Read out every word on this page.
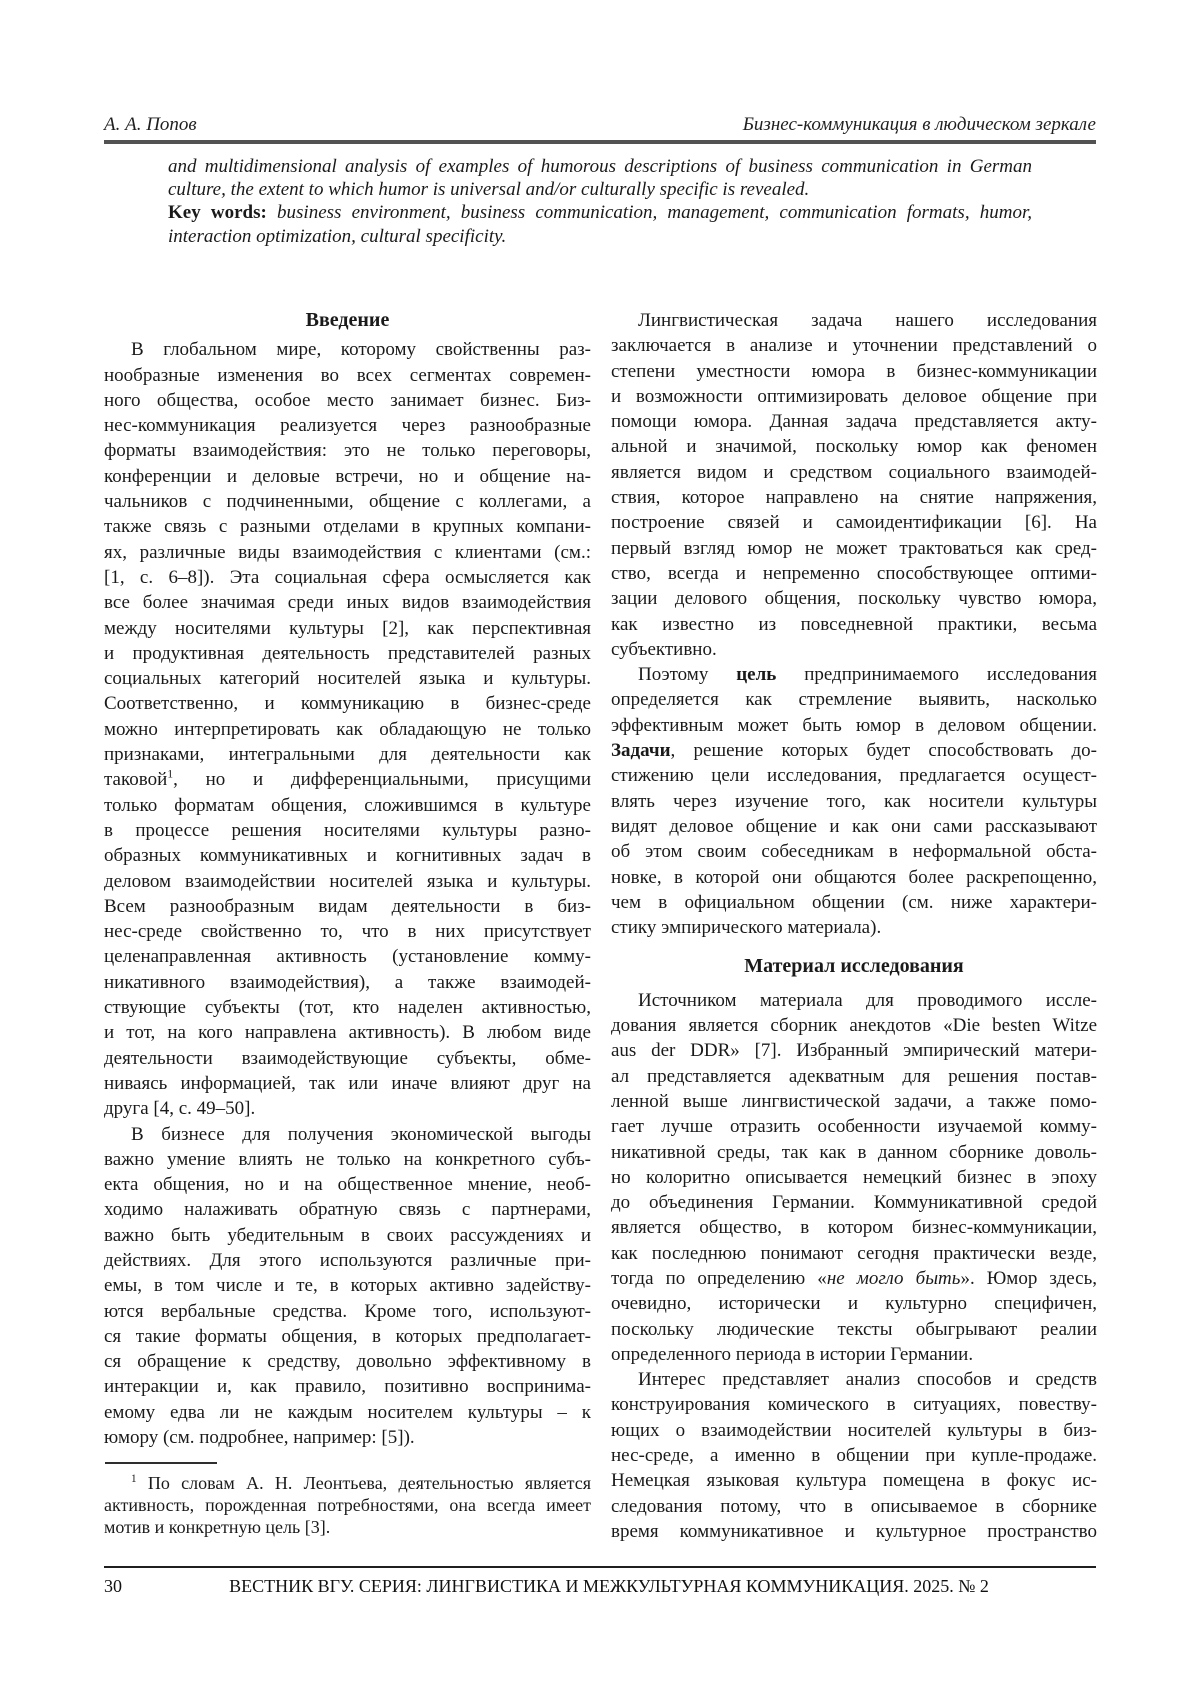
А. А. Попов	Бизнес-коммуникация в людическом зеркале
and multidimensional analysis of examples of humorous descriptions of business communication in German
culture, the extent to which humor is universal and/or culturally specific is revealed.
Key words: business environment, business communication, management, communication formats, humor,
interaction optimization, cultural specificity.
Введение
В глобальном мире, которому свойственны раз-
нообразные изменения во всех сегментах современ-
ного общества, особое место занимает бизнес. Биз-
нес-коммуникация реализуется через разнообразные
форматы взаимодействия: это не только переговоры,
конференции и деловые встречи, но и общение на-
чальников с подчиненными, общение с коллегами, а
также связь с разными отделами в крупных компани-
ях, различные виды взаимодействия с клиентами (см.:
[1, с. 6–8]). Эта социальная сфера осмысляется как
все более значимая среди иных видов взаимодействия
между носителями культуры [2], как перспективная
и продуктивная деятельность представителей разных
социальных категорий носителей языка и культуры.
Соответственно, и коммуникацию в бизнес-среде
можно интерпретировать как обладающую не только
признаками, интегральными для деятельности как
таковой$^1$, но и дифференциальными, присущими
только форматам общения, сложившимся в культуре
в процессе решения носителями культуры разно-
образных коммуникативных и когнитивных задач в
деловом взаимодействии носителей языка и культуры.
Всем разнообразным видам деятельности в биз-
нес-среде свойственно то, что в них присутствует
целенаправленная активность (установление комму-
никативного взаимодействия), а также взаимодей-
ствующие субъекты (тот, кто наделен активностью,
и тот, на кого направлена активность). В любом виде
деятельности взаимодействующие субъекты, обме-
ниваясь информацией, так или иначе влияют друг на
друга [4, с. 49–50].
В бизнесе для получения экономической выгоды
важно умение влиять не только на конкретного субъ-
екта общения, но и на общественное мнение, необ-
ходимо налаживать обратную связь с партнерами,
важно быть убедительным в своих рассуждениях и
действиях. Для этого используются различные при-
емы, в том числе и те, в которых активно задейству-
ются вербальные средства. Кроме того, используют-
ся такие форматы общения, в которых предполагает-
ся обращение к средству, довольно эффективному в
интеракции и, как правило, позитивно воспринима-
емому едва ли не каждым носителем культуры – к
юмору (см. подробнее, например: [5]).
$^1$ По словам А. Н. Леонтьева, деятельностью является
активность, порожденная потребностями, она всегда имеет
мотив и конкретную цель [3].
Лингвистическая задача нашего исследования
заключается в анализе и уточнении представлений о
степени уместности юмора в бизнес-коммуникации
и возможности оптимизировать деловое общение при
помощи юмора. Данная задача представляется акту-
альной и значимой, поскольку юмор как феномен
является видом и средством социального взаимодей-
ствия, которое направлено на снятие напряжения,
построение связей и самоидентификации [6]. На
первый взгляд юмор не может трактоваться как сред-
ство, всегда и непременно способствующее оптими-
зации делового общения, поскольку чувство юмора,
как известно из повседневной практики, весьма
субъективно.
Поэтому цель предпринимаемого исследования
определяется как стремление выявить, насколько
эффективным может быть юмор в деловом общении.
Задачи, решение которых будет способствовать до-
стижению цели исследования, предлагается осущест-
влять через изучение того, как носители культуры
видят деловое общение и как они сами рассказывают
об этом своим собеседникам в неформальной обста-
новке, в которой они общаются более раскрепощенно,
чем в официальном общении (см. ниже характери-
стику эмпирического материала).
Материал исследования
Источником материала для проводимого иссле-
дования является сборник анекдотов «Die besten Witze
aus der DDR» [7]. Избранный эмпирический матери-
ал представляется адекватным для решения постав-
ленной выше лингвистической задачи, а также помо-
гает лучше отразить особенности изучаемой комму-
никативной среды, так как в данном сборнике доволь-
но колоритно описывается немецкий бизнес в эпоху
до объединения Германии. Коммуникативной средой
является общество, в котором бизнес-коммуникации,
как последнюю понимают сегодня практически везде,
тогда по определению «не могло быть». Юмор здесь,
очевидно, исторически и культурно специфичен,
поскольку людические тексты обыгрывают реалии
определенного периода в истории Германии.
Интерес представляет анализ способов и средств
конструирования комического в ситуациях, повеству-
ющих о взаимодействии носителей культуры в биз-
нес-среде, а именно в общении при купле-продаже.
Немецкая языковая культура помещена в фокус ис-
следования потому, что в описываемое в сборнике
время коммуникативное и культурное пространство
30	ВЕСТНИК ВГУ. СЕРИЯ: ЛИНГВИСТИКА И МЕЖКУЛЬТУРНАЯ КОММУНИКАЦИЯ. 2025. № 2
